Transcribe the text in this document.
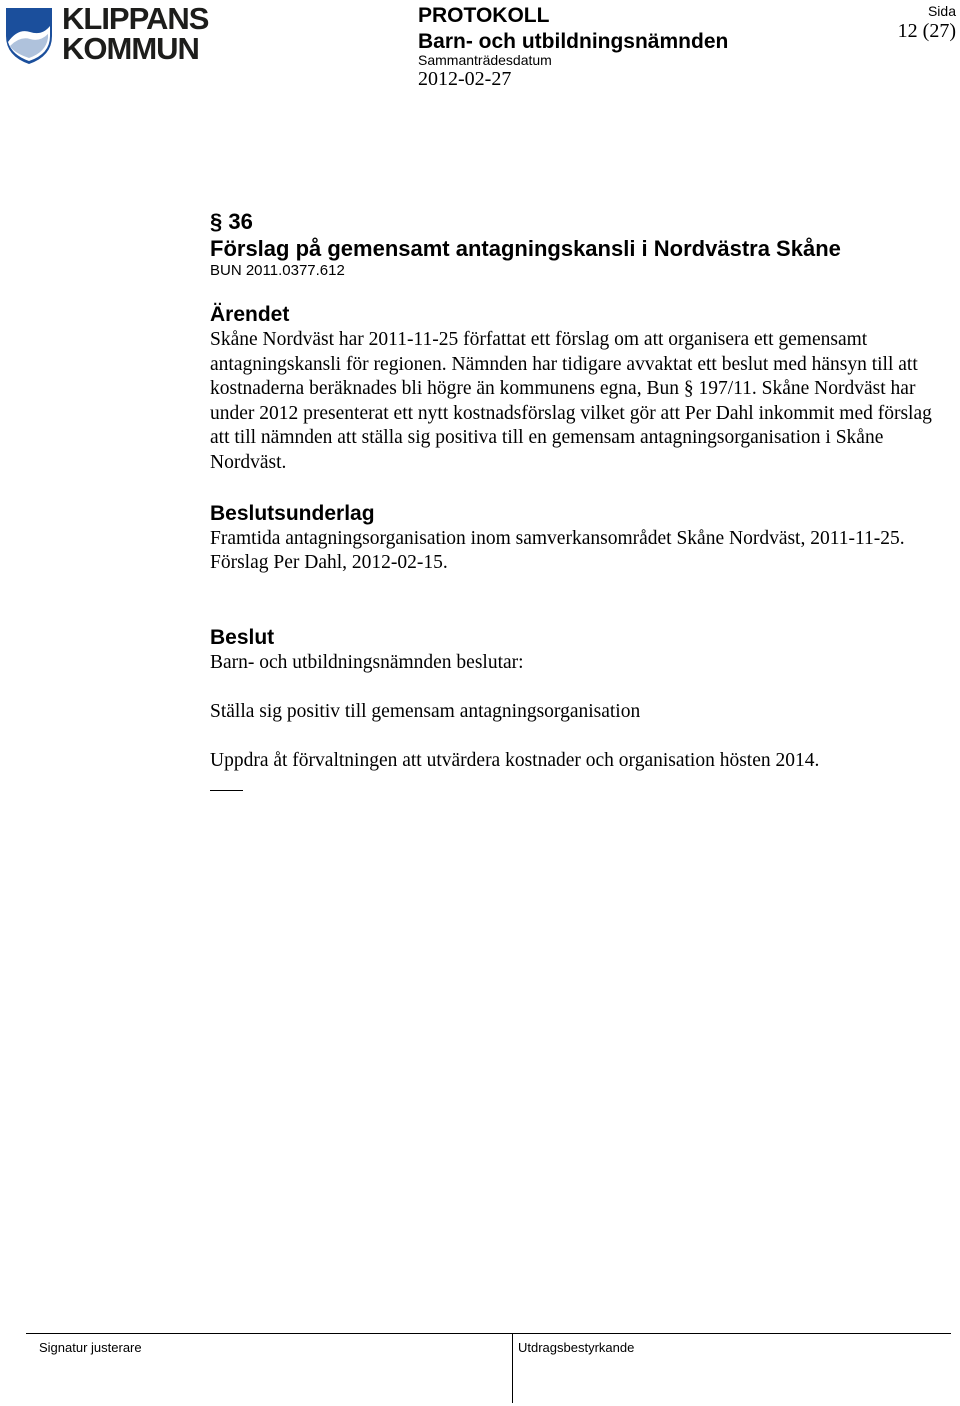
KLIPPANS
KOMMUN
PROTOKOLL
Barn- och utbildningsnämnden
Sammanträdesdatum
2012-02-27
Sida
12 (27)
§ 36
Förslag på gemensamt antagningskansli i Nordvästra Skåne
BUN 2011.0377.612
Ärendet
Skåne Nordväst har 2011-11-25 författat ett förslag om att organisera ett gemensamt antagningskansli för regionen. Nämnden har tidigare avvaktat ett beslut med hänsyn till att kostnaderna beräknades bli högre än kommunens egna, Bun § 197/11. Skåne Nordväst har under 2012 presenterat ett nytt kostnadsförslag vilket gör att Per Dahl inkommit med förslag att till nämnden att ställa sig positiva till en gemensam antagningsorganisation i Skåne Nordväst.
Beslutsunderlag
Framtida antagningsorganisation inom samverkansområdet Skåne Nordväst, 2011-11-25.
Förslag Per Dahl, 2012-02-15.
Beslut
Barn- och utbildningsnämnden beslutar:
Ställa sig positiv till gemensam antagningsorganisation
Uppdra åt förvaltningen att utvärdera kostnader och organisation hösten 2014.
Signatur justerare	Utdragsbestyrkande
